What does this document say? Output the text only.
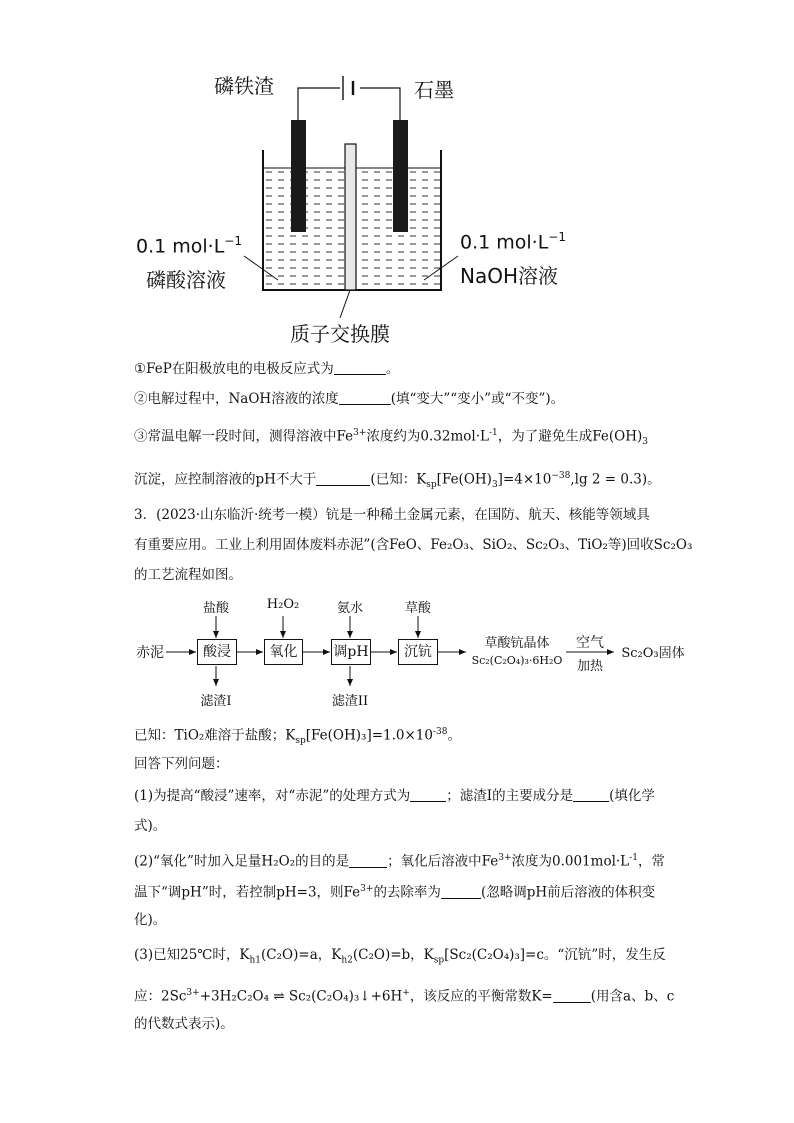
磷铁渣	石墨
0.1 $mol\cdot L^{-1}$
磷酸溶液
0.1 $mol\cdot L^{-1}$
NaOH溶液
质子交换膜
①FeP在阳极放电的电极反应式为	。
②电解过程中，NaOH溶液的浓度	(填“变大”“变小”或“不变”)。
③常温电解一段时间，测得溶液中$Fe^{3+}$浓度约为$0.32mol\cdot L^{-1}$，为了避免生成$Fe(OH)_3$
沉淀，应控制溶液的pH不大于	(已知：$K_{sp}[Fe(OH)_3]=4\times 10^{-38},\lg$ 2 = 0.3)。
3．(2023·山东临沂·统考一模）钪是一种稀土金属元素，在国防、航天、核能等领域具
有重要应用。工业上利用固体废料赤泥”(含FeO、Fe₂O₃、SiO₂、Sc₂O₃、TiO₂等)回收Sc₂O₃
的工艺流程如图。
盐酸	H₂O₂	氨水	草酸
赤泥	酸浸	氧化	调pH	沉钪
滤渣I	滤渣II
草酸钪晶体
Sc₂(C₂O₄)₃·6H₂O
空气
加热
Sc₂O₃固体
已知：TiO₂难溶于盐酸；$K_{sp}[Fe(OH)_3]=1.0\times 10^{-38}$。
回答下列问题：
(1)为提高“酸浸”速率，对“赤泥”的处理方式为	；滤渣I的主要成分是	(填化学
式)。
(2)“氧化”时加入足量H₂O₂的目的是	；氧化后溶液中$Fe^{3+}$浓度为$0.001mol\cdot L^{-1}$，常
温下“调pH”时，若控制pH=3，则$Fe^{3+}$的去除率为	(忽略调pH前后溶液的体积变
化)。
(3)已知25℃时，$K_{h1}(C_2O)=a$，$K_{h2}(C_2O)=b$，$K_{sp}[Sc_2(C_2O_4)_3]=c$。“沉钪”时，发生反
应：$2Sc^{3+}+3H_2C_2O_4$ ⇌ Sc₂(C₂O₄)₃↓+6H+，该反应的平衡常数K=	(用含a、b、c
的代数式表示)。
